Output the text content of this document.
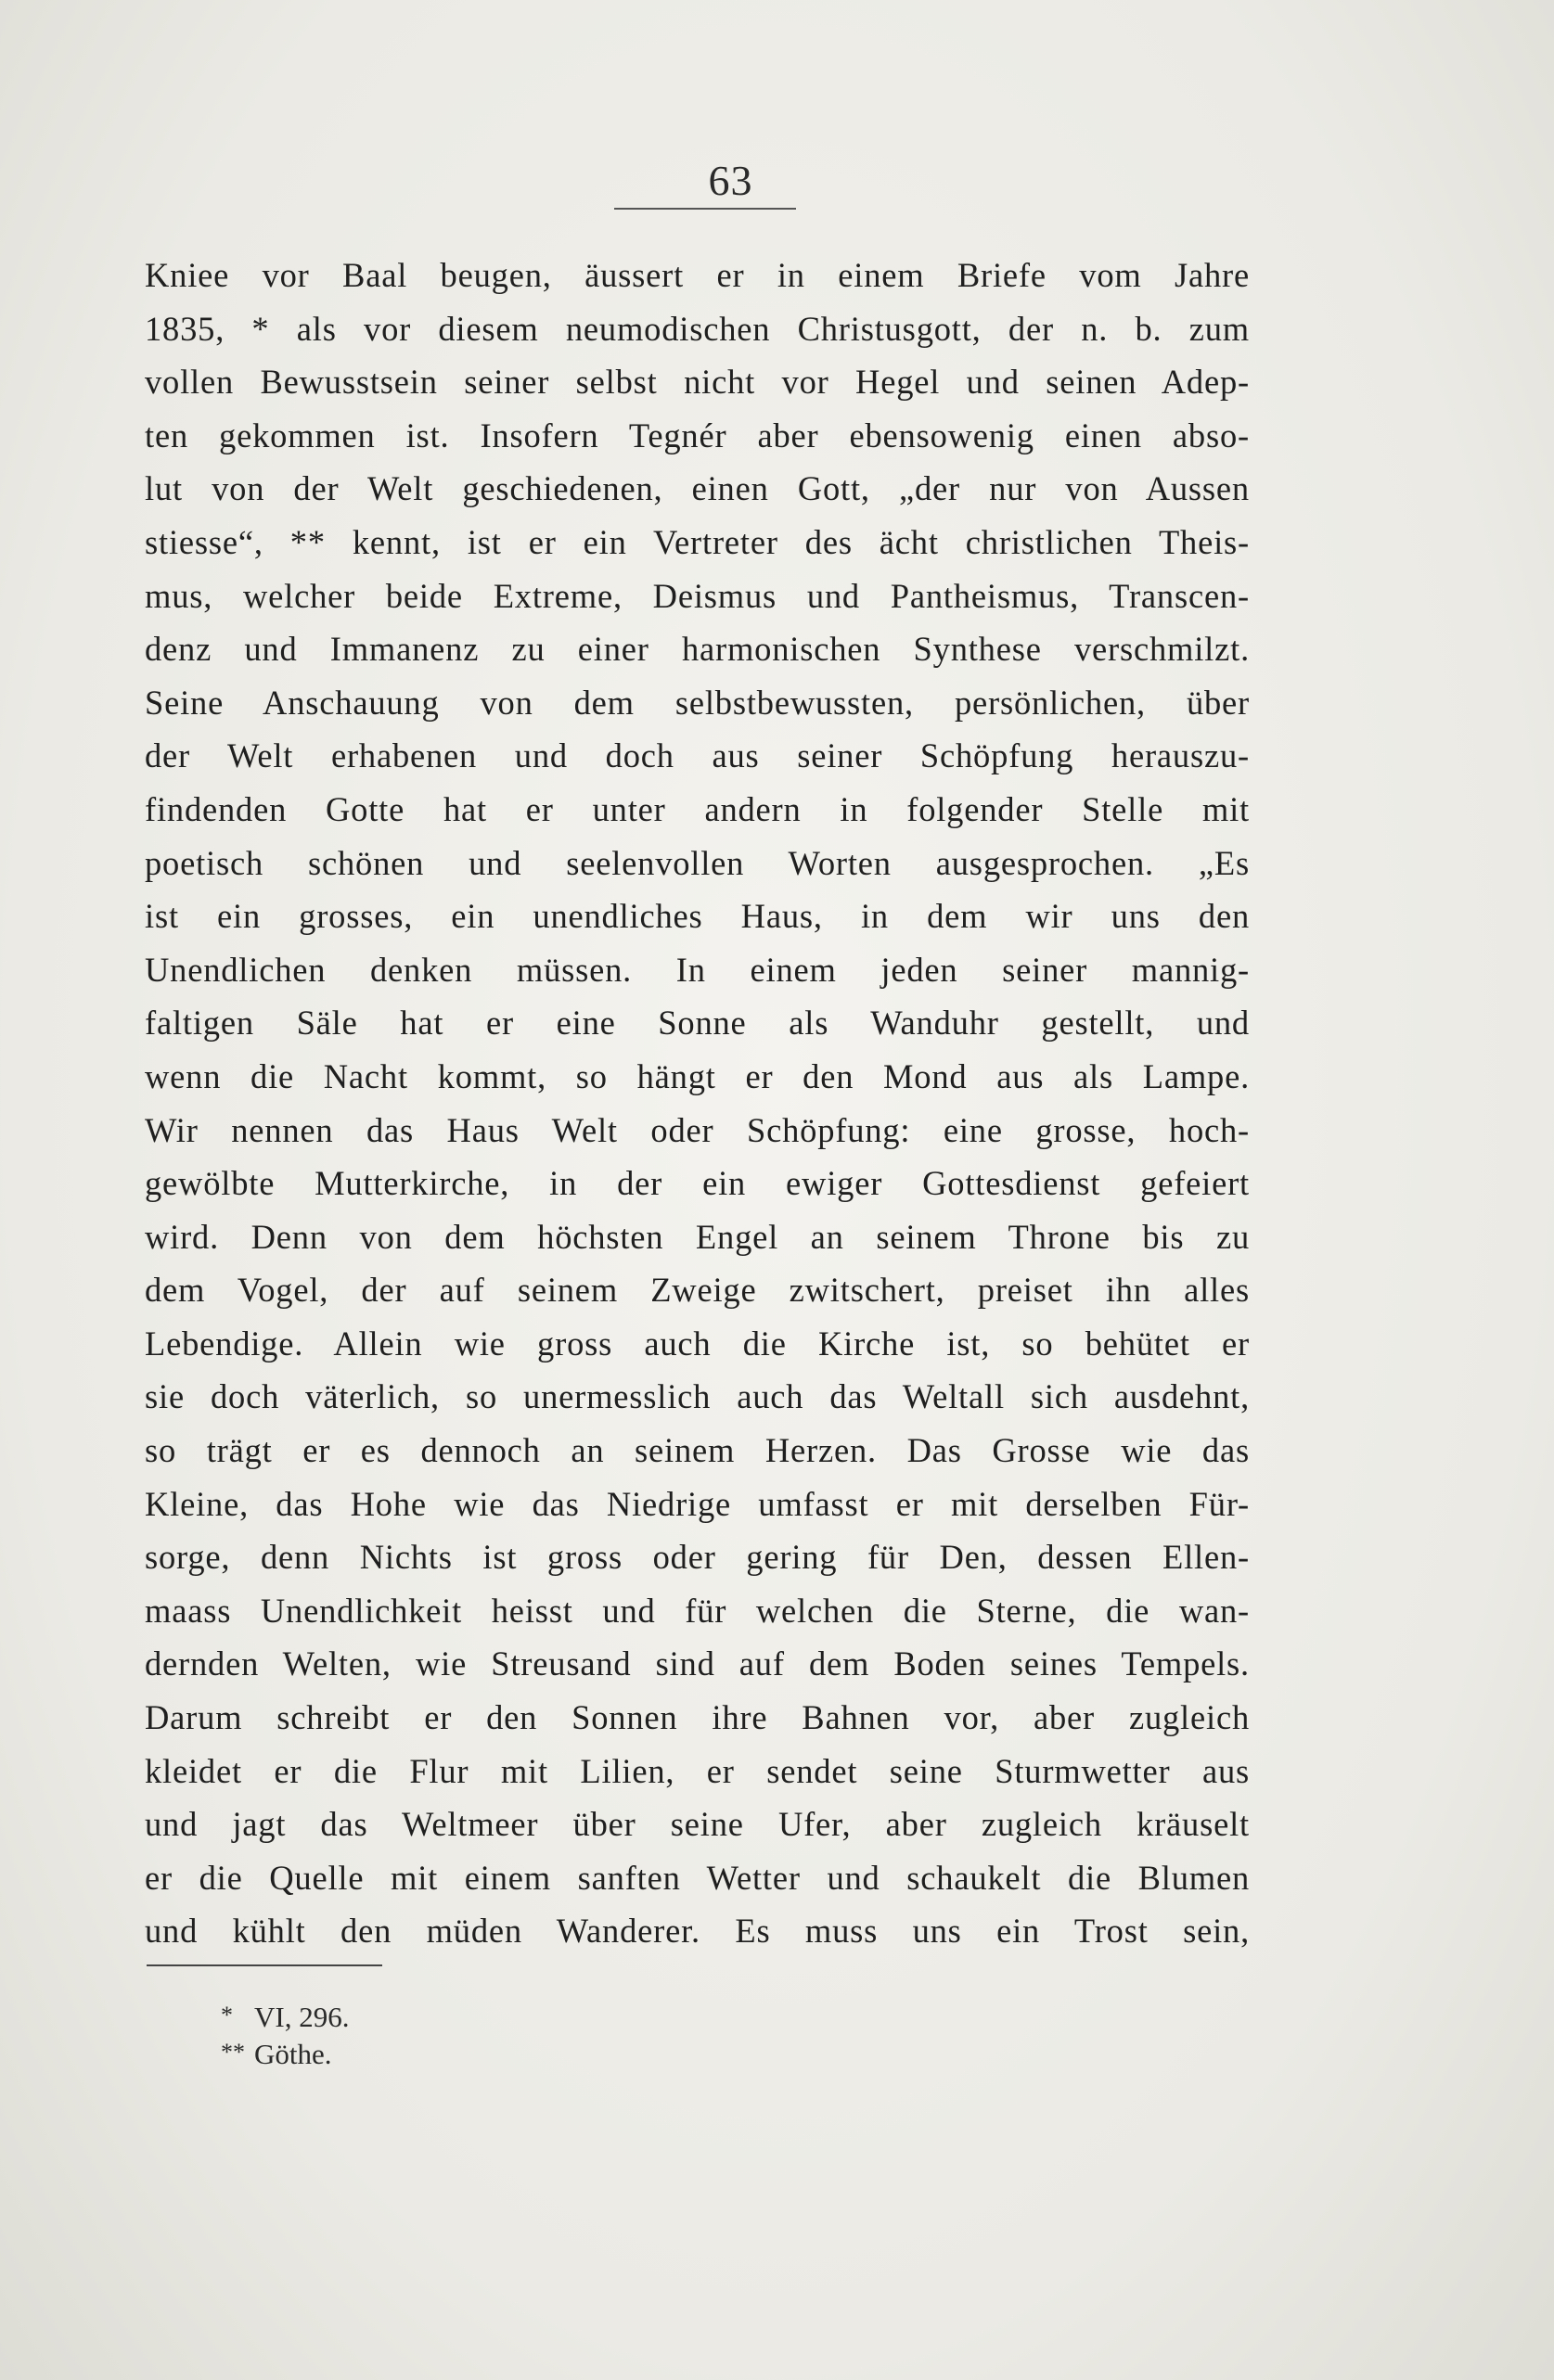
63
Kniee vor Baal beugen, äussert er in einem Briefe vom Jahre
1835, * als vor diesem neumodischen Christusgott, der n. b. zum
vollen Bewusstsein seiner selbst nicht vor Hegel und seinen Adep-
ten gekommen ist. Insofern Tegnér aber ebensowenig einen abso-
lut von der Welt geschiedenen, einen Gott, „der nur von Aussen
stiesse“, ** kennt, ist er ein Vertreter des ächt christlichen Theis-
mus, welcher beide Extreme, Deismus und Pantheismus, Transcen-
denz und Immanenz zu einer harmonischen Synthese verschmilzt.
Seine Anschauung von dem selbstbewussten, persönlichen, über
der Welt erhabenen und doch aus seiner Schöpfung herauszu-
findenden Gotte hat er unter andern in folgender Stelle mit
poetisch schönen und seelenvollen Worten ausgesprochen. „Es
ist ein grosses, ein unendliches Haus, in dem wir uns den
Unendlichen denken müssen. In einem jeden seiner mannig-
faltigen Säle hat er eine Sonne als Wanduhr gestellt, und
wenn die Nacht kommt, so hängt er den Mond aus als Lampe.
Wir nennen das Haus Welt oder Schöpfung: eine grosse, hoch-
gewölbte Mutterkirche, in der ein ewiger Gottesdienst gefeiert
wird. Denn von dem höchsten Engel an seinem Throne bis zu
dem Vogel, der auf seinem Zweige zwitschert, preiset ihn alles
Lebendige. Allein wie gross auch die Kirche ist, so behütet er
sie doch väterlich, so unermesslich auch das Weltall sich ausdehnt,
so trägt er es dennoch an seinem Herzen. Das Grosse wie das
Kleine, das Hohe wie das Niedrige umfasst er mit derselben Für-
sorge, denn Nichts ist gross oder gering für Den, dessen Ellen-
maass Unendlichkeit heisst und für welchen die Sterne, die wan-
dernden Welten, wie Streusand sind auf dem Boden seines Tempels.
Darum schreibt er den Sonnen ihre Bahnen vor, aber zugleich
kleidet er die Flur mit Lilien, er sendet seine Sturmwetter aus
und jagt das Weltmeer über seine Ufer, aber zugleich kräuselt
er die Quelle mit einem sanften Wetter und schaukelt die Blumen
und kühlt den müden Wanderer. Es muss uns ein Trost sein,
* VI, 296.
** Göthe.
